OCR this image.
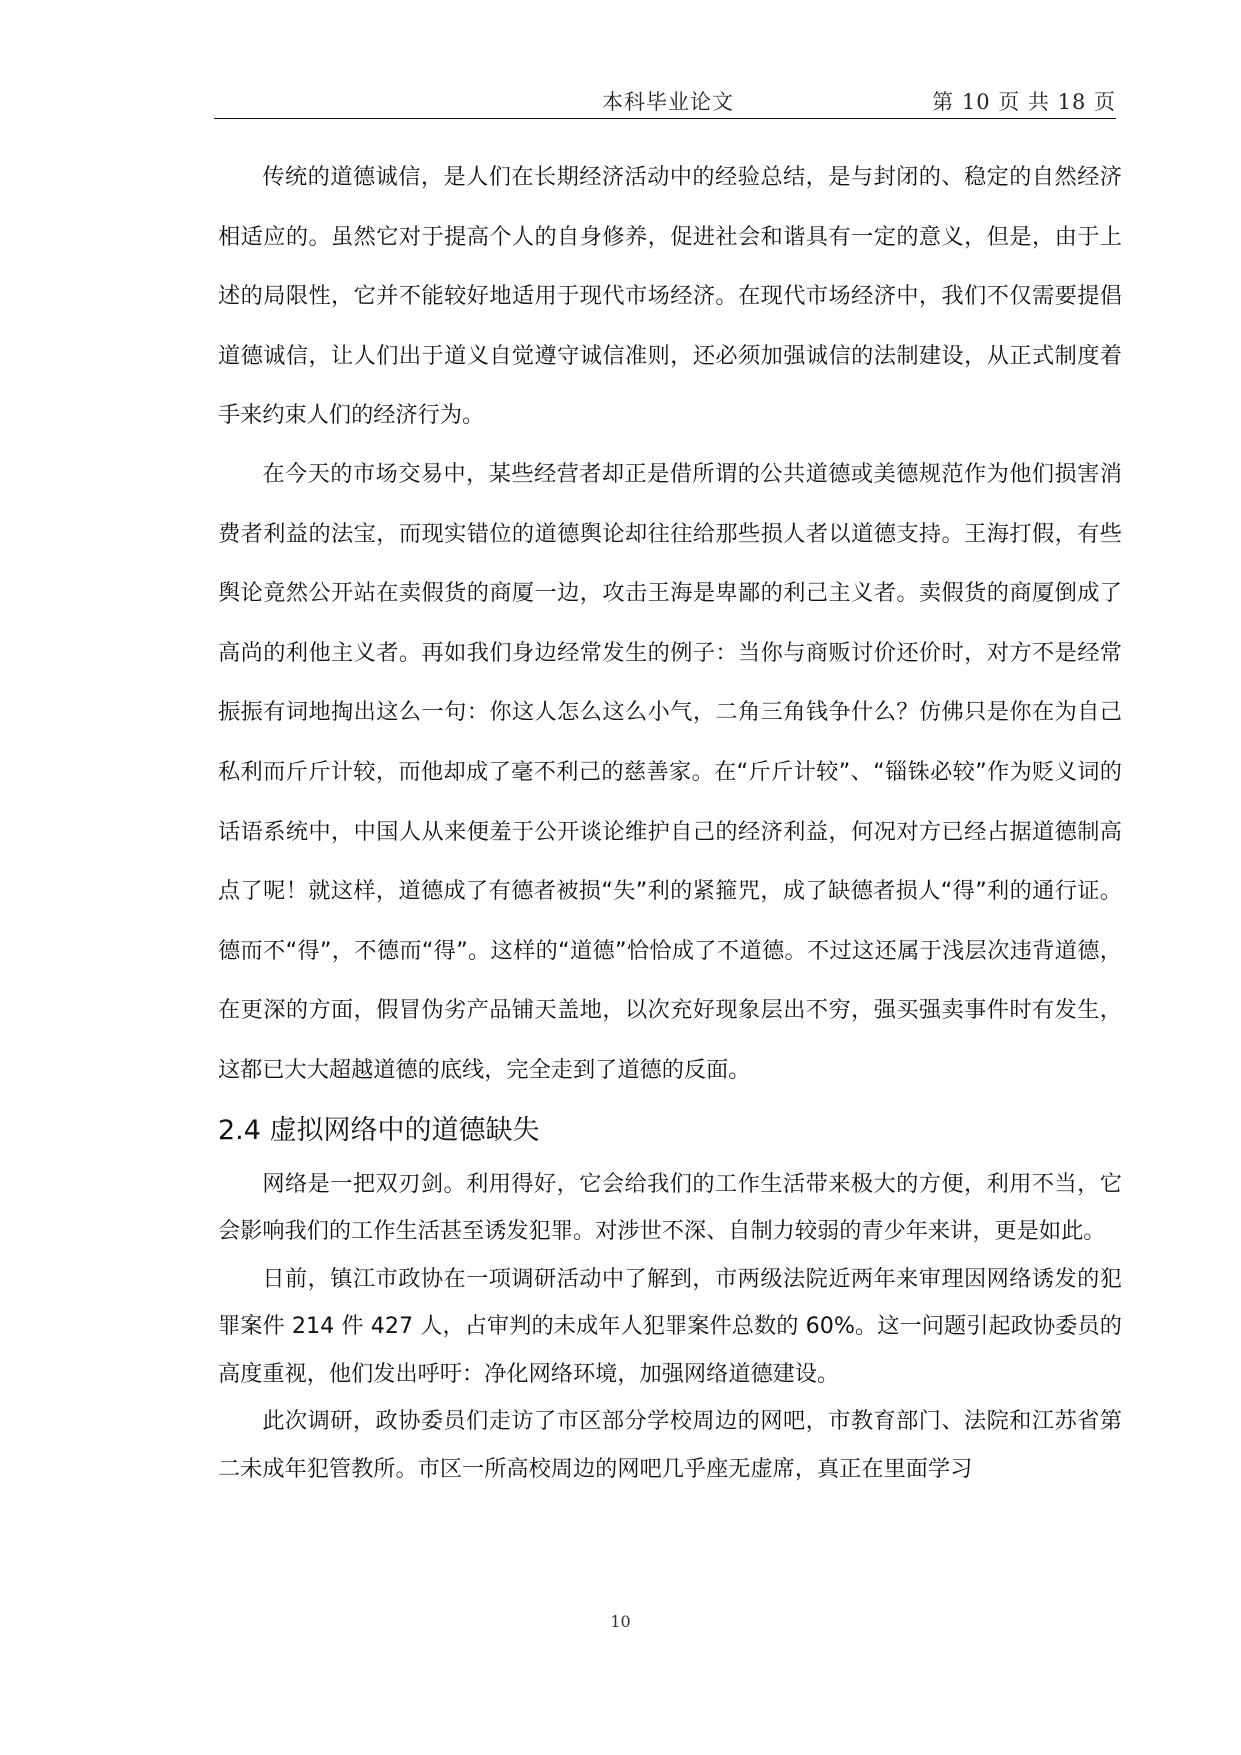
本科毕业论文	第 10 页 共 18 页

传统的道德诚信，是人们在长期经济活动中的经验总结，是与封闭的、稳定的自然经济相适应的。虽然它对于提高个人的自身修养，促进社会和谐具有一定的意义，但是，由于上述的局限性，它并不能较好地适用于现代市场经济。在现代市场经济中，我们不仅需要提倡道德诚信，让人们出于道义自觉遵守诚信准则，还必须加强诚信的法制建设，从正式制度着手来约束人们的经济行为。

在今天的市场交易中，某些经营者却正是借所谓的公共道德或美德规范作为他们损害消费者利益的法宝，而现实错位的道德舆论却往往给那些损人者以道德支持。王海打假，有些舆论竟然公开站在卖假货的商厦一边，攻击王海是卑鄙的利己主义者。卖假货的商厦倒成了高尚的利他主义者。再如我们身边经常发生的例子：当你与商贩讨价还价时，对方不是经常振振有词地掏出这么一句：你这人怎么这么小气，二角三角钱争什么？仿佛只是你在为自己私利而斤斤计较，而他却成了毫不利己的慈善家。在“斤斤计较”、“锱铢必较”作为贬义词的话语系统中，中国人从来便羞于公开谈论维护自己的经济利益，何况对方已经占据道德制高点了呢！就这样，道德成了有德者被损“失”利的紧箍咒，成了缺德者损人“得”利的通行证。德而不“得”，不德而“得”。这样的“道德”恰恰成了不道德。不过这还属于浅层次违背道德，在更深的方面，假冒伪劣产品铺天盖地，以次充好现象层出不穷，强买强卖事件时有发生，这都已大大超越道德的底线，完全走到了道德的反面。

2.4 虚拟网络中的道德缺失

网络是一把双刃剑。利用得好，它会给我们的工作生活带来极大的方便，利用不当，它会影响我们的工作生活甚至诱发犯罪。对涉世不深、自制力较弱的青少年来讲，更是如此。

日前，镇江市政协在一项调研活动中了解到，市两级法院近两年来审理因网络诱发的犯罪案件 214 件 427 人，占审判的未成年人犯罪案件总数的 60%。这一问题引起政协委员的高度重视，他们发出呼吁：净化网络环境，加强网络道德建设。

此次调研，政协委员们走访了市区部分学校周边的网吧，市教育部门、法院和江苏省第二未成年犯管教所。市区一所高校周边的网吧几乎座无虚席，真正在里面学习

10
